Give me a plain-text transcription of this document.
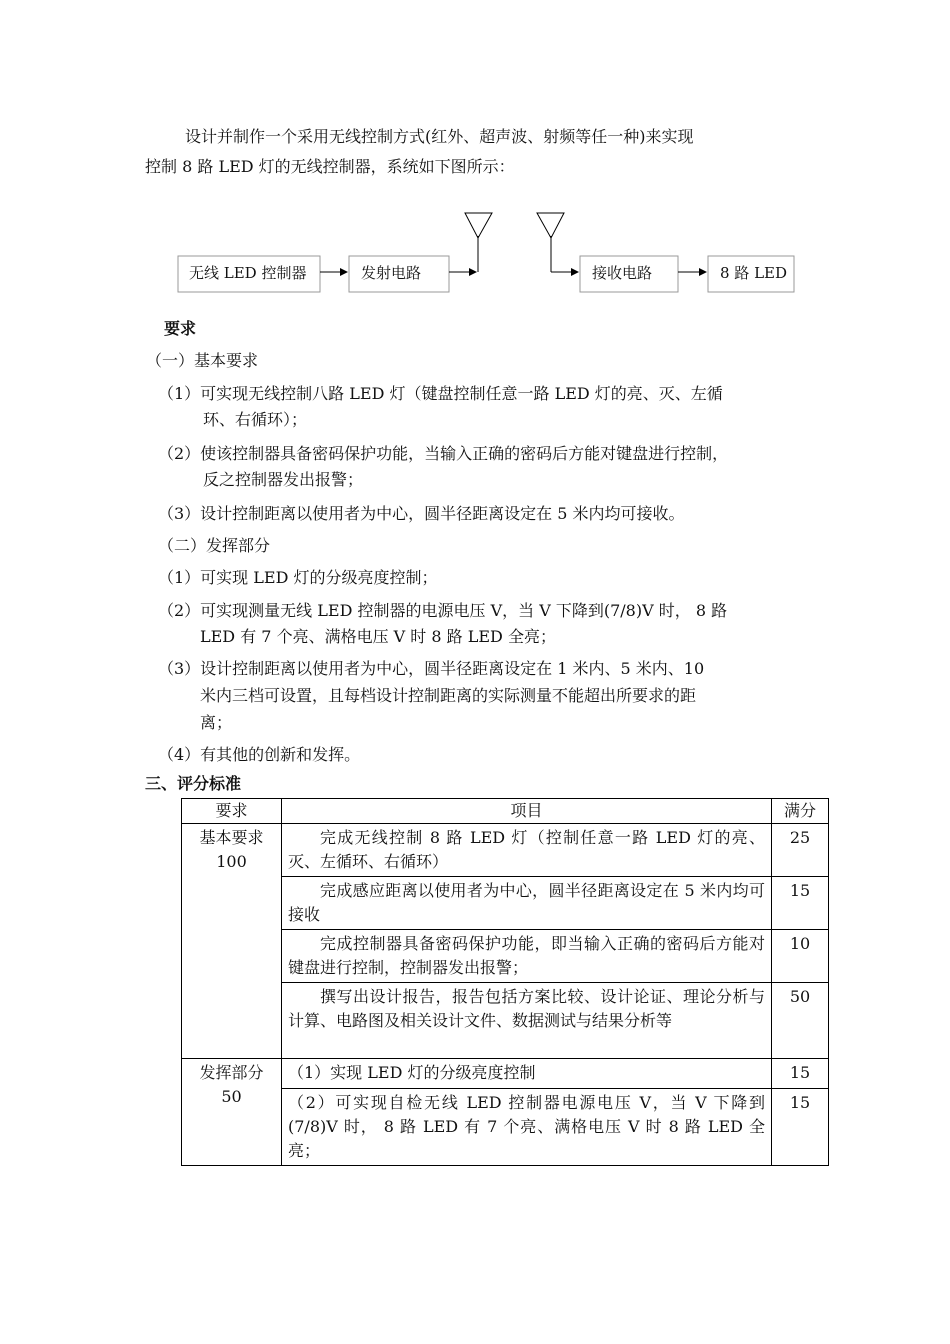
设计并制作一个采用无线控制方式(红外、超声波、射频等任一种)来实现
控制 8 路 LED 灯的无线控制器，系统如下图所示：
无线 LED 控制器	发射电路	接收电路	8 路 LED
要求
（一）基本要求
（1）可实现无线控制八路 LED 灯（键盘控制任意一路 LED 灯的亮、灭、左循
环、右循环）；
（2）使该控制器具备密码保护功能，当输入正确的密码后方能对键盘进行控制，
反之控制器发出报警；
（3）设计控制距离以使用者为中心，圆半径距离设定在 5 米内均可接收。
（二）发挥部分
（1）可实现 LED 灯的分级亮度控制；
（2）可实现测量无线 LED 控制器的电源电压 V，当 V 下降到(7/8)V 时， 8 路
LED 有 7 个亮、满格电压 V 时 8 路 LED 全亮；
（3）设计控制距离以使用者为中心，圆半径距离设定在 1 米内、5 米内、10
米内三档可设置，且每档设计控制距离的实际测量不能超出所要求的距
离；
（4）有其他的创新和发挥。
三、评分标准
要求	项目	满分

基本要求
100	完成无线控制 8 路 LED 灯（控制任意一路 LED 灯的亮、灭、左循环、右循环）	25
	完成感应距离以使用者为中心，圆半径距离设定在 5 米内均可接收	15
	完成控制器具备密码保护功能，即当输入正确的密码后方能对键盘进行控制，控制器发出报警；	10
	撰写出设计报告，报告包括方案比较、设计论证、理论分析与计算、电路图及相关设计文件、数据测试与结果分析等	50

发挥部分
50	（1）实现 LED 灯的分级亮度控制	15
	（2）可实现自检无线 LED 控制器电源电压 V，当 V 下降到(7/8)V 时， 8 路 LED 有 7 个亮、满格电压 V 时 8 路 LED 全亮；	15
